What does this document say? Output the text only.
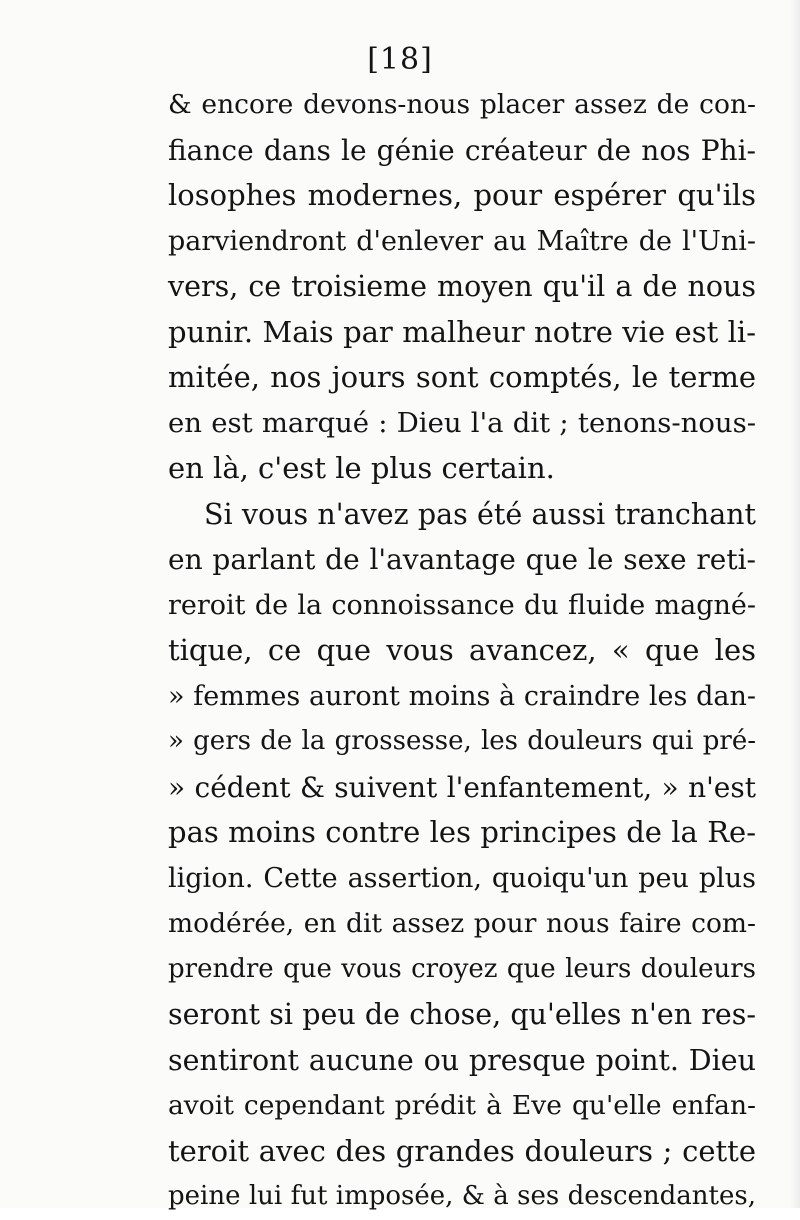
[18]
& encore devons-nous placer assez de con-
fiance dans le génie créateur de nos Phi-
losophes modernes, pour espérer qu'ils
parviendront d'enlever au Maître de l'Uni-
vers, ce troisieme moyen qu'il a de nous
punir. Mais par malheur notre vie est li-
mitée, nos jours sont comptés, le terme
en est marqué : Dieu l'a dit ; tenons-nous-
en là, c'est le plus certain.
Si vous n'avez pas été aussi tranchant
en parlant de l'avantage que le sexe reti-
reroit de la connoissance du fluide magné-
tique, ce que vous avancez, « que les
» femmes auront moins à craindre les dan-
» gers de la grossesse, les douleurs qui pré-
» cédent & suivent l'enfantement, » n'est
pas moins contre les principes de la Re-
ligion. Cette assertion, quoiqu'un peu plus
modérée, en dit assez pour nous faire com-
prendre que vous croyez que leurs douleurs
seront si peu de chose, qu'elles n'en res-
sentiront aucune ou presque point. Dieu
avoit cependant prédit à Eve qu'elle enfan-
teroit avec des grandes douleurs ; cette
peine lui fut imposée, & à ses descendantes,
